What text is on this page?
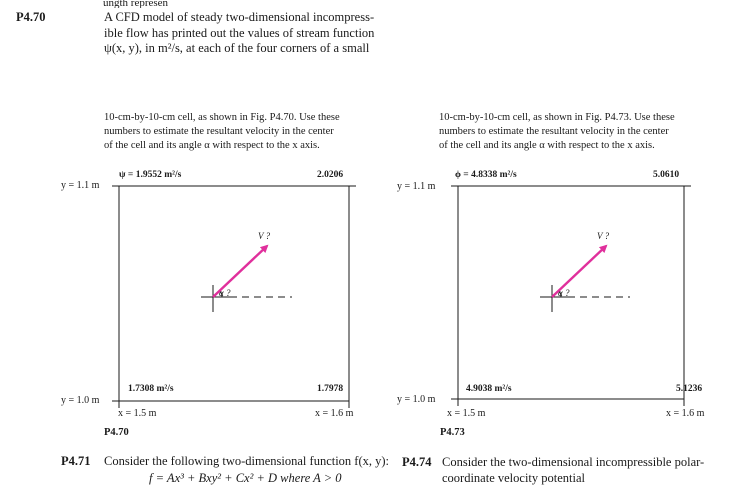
ungth represen
P4.70	A CFD model of steady two-dimensional incompress-
ible flow has printed out the values of stream function
ψ(x, y), in m²/s, at each of the four corners of a small
10-cm-by-10-cm cell, as shown in Fig. P4.70. Use these
numbers to estimate the resultant velocity in the center
of the cell and its angle α with respect to the x axis.
10-cm-by-10-cm cell, as shown in Fig. P4.73. Use these
numbers to estimate the resultant velocity in the center
of the cell and its angle α with respect to the x axis.
ψ = 1.9552 m²/s	2.0206
1.7308 m²/s	1.7978
y = 1.1 m
y = 1.0 m
x = 1.5 m	x = 1.6 m
V ?
α ?
P4.70
ϕ = 4.8338 m²/s	5.0610
4.9038 m²/s	5.1236
y = 1.1 m
y = 1.0 m
x = 1.5 m	x = 1.6 m
V ?
α ?
P4.73
P4.71 Consider the following two-dimensional function f(x, y):
f = Ax³ + Bxy² + Cx² + D where A > 0
P4.74 Consider the two-dimensional incompressible polar-
coordinate velocity potential
